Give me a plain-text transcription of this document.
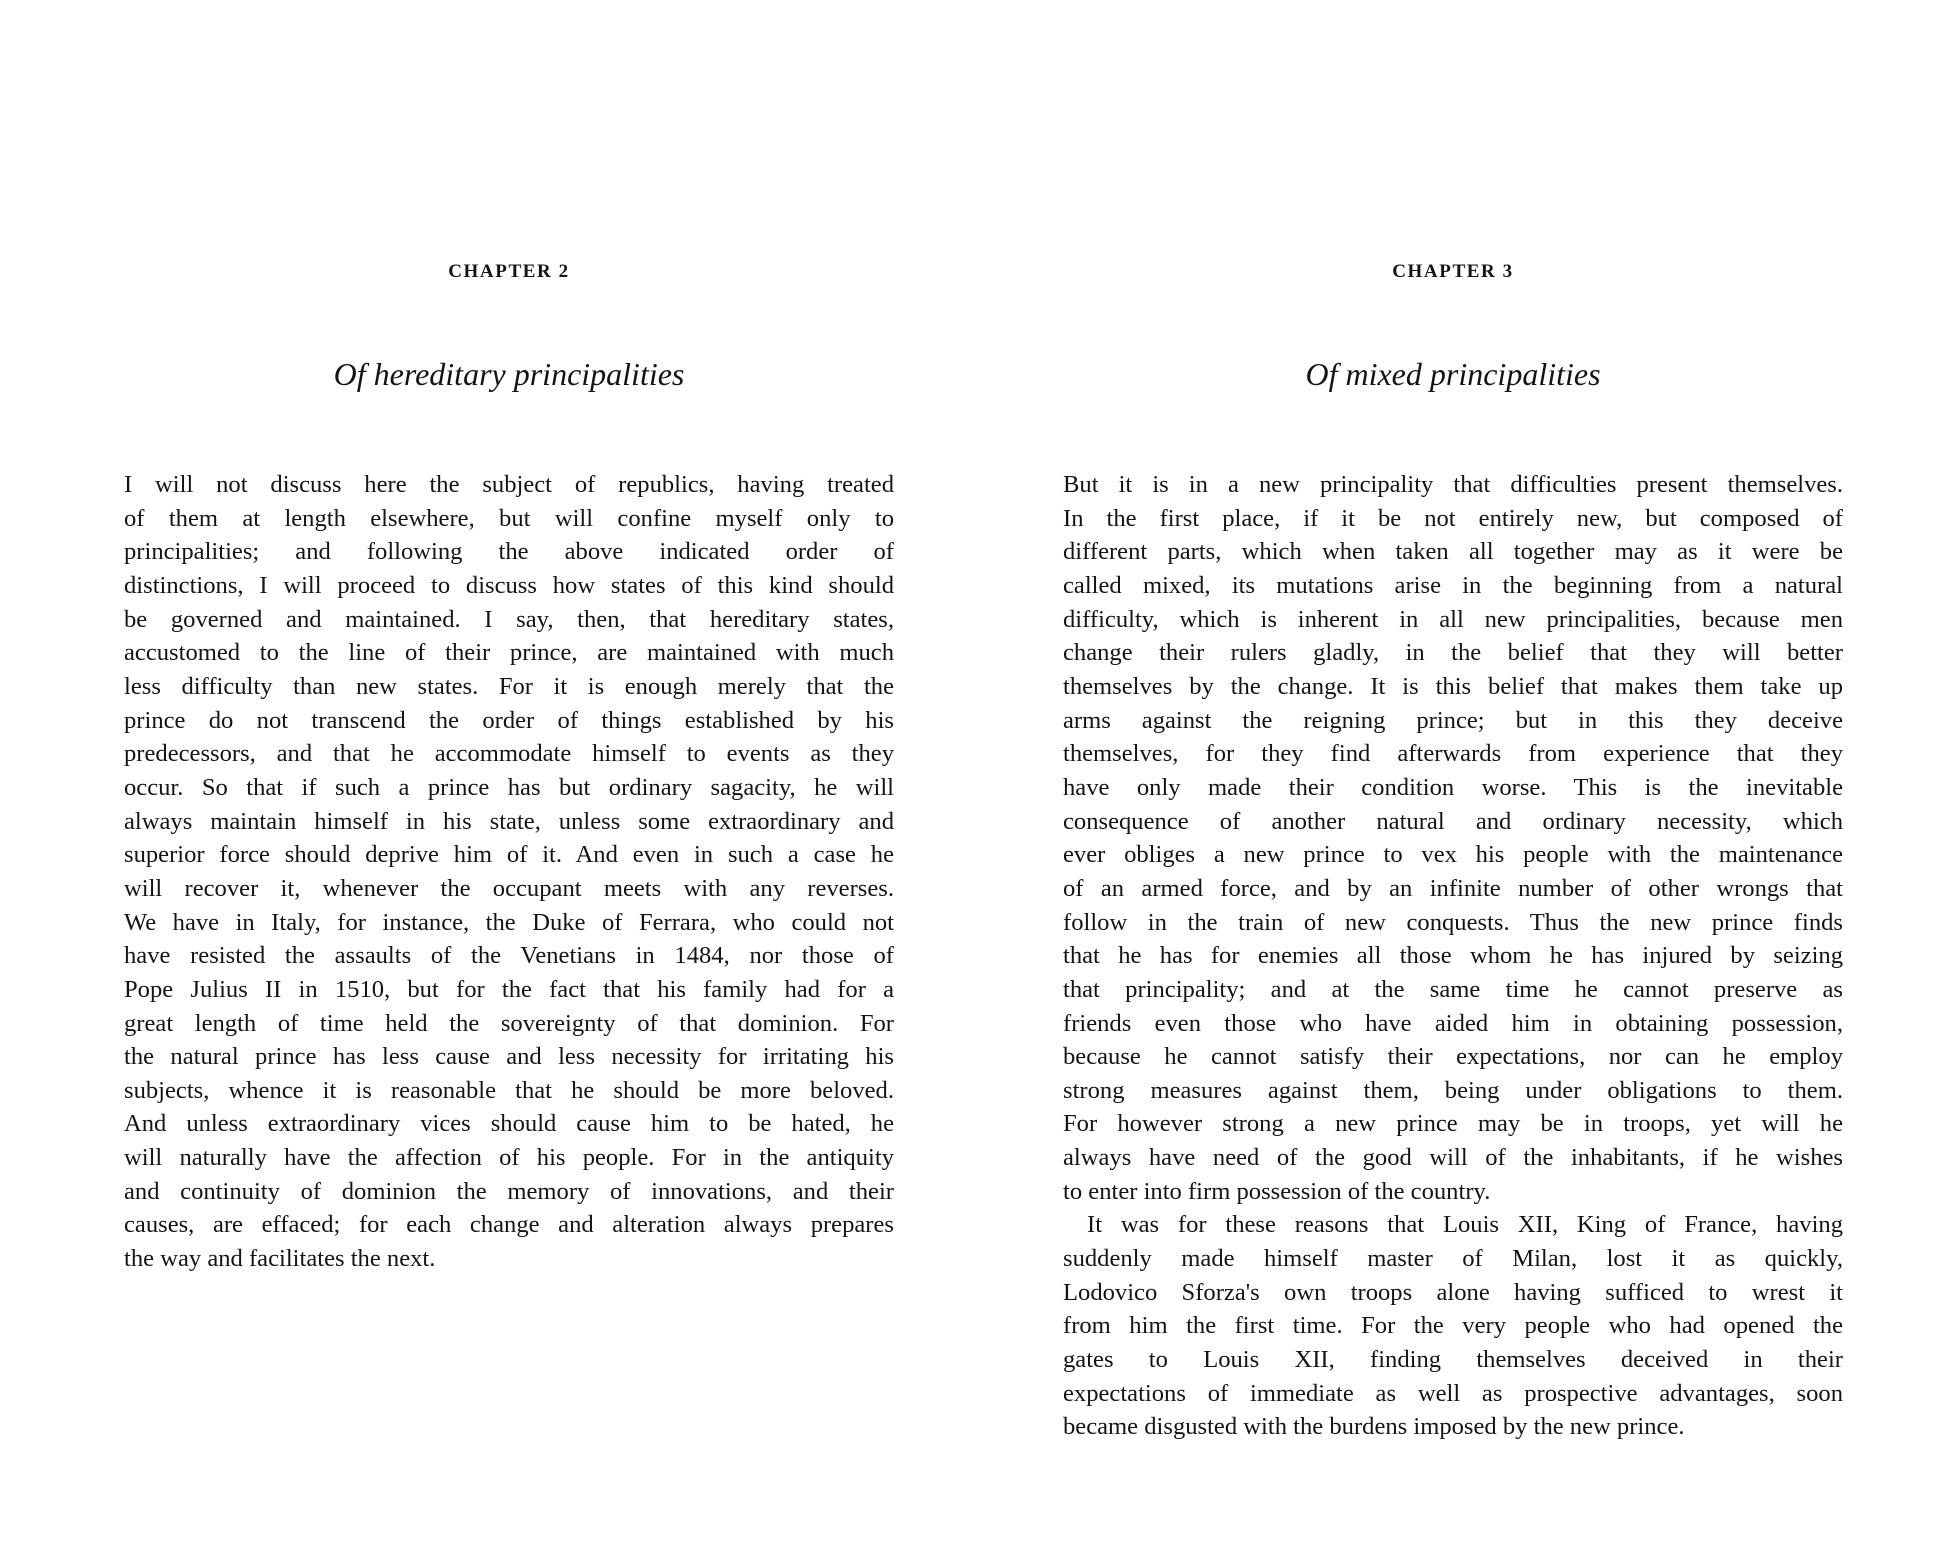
CHAPTER 2
Of hereditary principalities

I will not discuss here the subject of republics, having treated
of them at length elsewhere, but will confine myself only to
principalities; and following the above indicated order of
distinctions, I will proceed to discuss how states of this kind should
be governed and maintained. I say, then, that hereditary states,
accustomed to the line of their prince, are maintained with much
less difficulty than new states. For it is enough merely that the
prince do not transcend the order of things established by his
predecessors, and that he accommodate himself to events as they
occur. So that if such a prince has but ordinary sagacity, he will
always maintain himself in his state, unless some extraordinary and
superior force should deprive him of it. And even in such a case he
will recover it, whenever the occupant meets with any reverses.
We have in Italy, for instance, the Duke of Ferrara, who could not
have resisted the assaults of the Venetians in 1484, nor those of
Pope Julius II in 1510, but for the fact that his family had for a
great length of time held the sovereignty of that dominion. For
the natural prince has less cause and less necessity for irritating his
subjects, whence it is reasonable that he should be more beloved.
And unless extraordinary vices should cause him to be hated, he
will naturally have the affection of his people. For in the antiquity
and continuity of dominion the memory of innovations, and their
causes, are effaced; for each change and alteration always prepares
the way and facilitates the next.

CHAPTER 3
Of mixed principalities

But it is in a new principality that difficulties present themselves.
In the first place, if it be not entirely new, but composed of
different parts, which when taken all together may as it were be
called mixed, its mutations arise in the beginning from a natural
difficulty, which is inherent in all new principalities, because men
change their rulers gladly, in the belief that they will better
themselves by the change. It is this belief that makes them take up
arms against the reigning prince; but in this they deceive
themselves, for they find afterwards from experience that they
have only made their condition worse. This is the inevitable
consequence of another natural and ordinary necessity, which
ever obliges a new prince to vex his people with the maintenance
of an armed force, and by an infinite number of other wrongs that
follow in the train of new conquests. Thus the new prince finds
that he has for enemies all those whom he has injured by seizing
that principality; and at the same time he cannot preserve as
friends even those who have aided him in obtaining possession,
because he cannot satisfy their expectations, nor can he employ
strong measures against them, being under obligations to them.
For however strong a new prince may be in troops, yet will he
always have need of the good will of the inhabitants, if he wishes
to enter into firm possession of the country.
It was for these reasons that Louis XII, King of France, having
suddenly made himself master of Milan, lost it as quickly,
Lodovico Sforza's own troops alone having sufficed to wrest it
from him the first time. For the very people who had opened the
gates to Louis XII, finding themselves deceived in their
expectations of immediate as well as prospective advantages, soon
became disgusted with the burdens imposed by the new prince.
